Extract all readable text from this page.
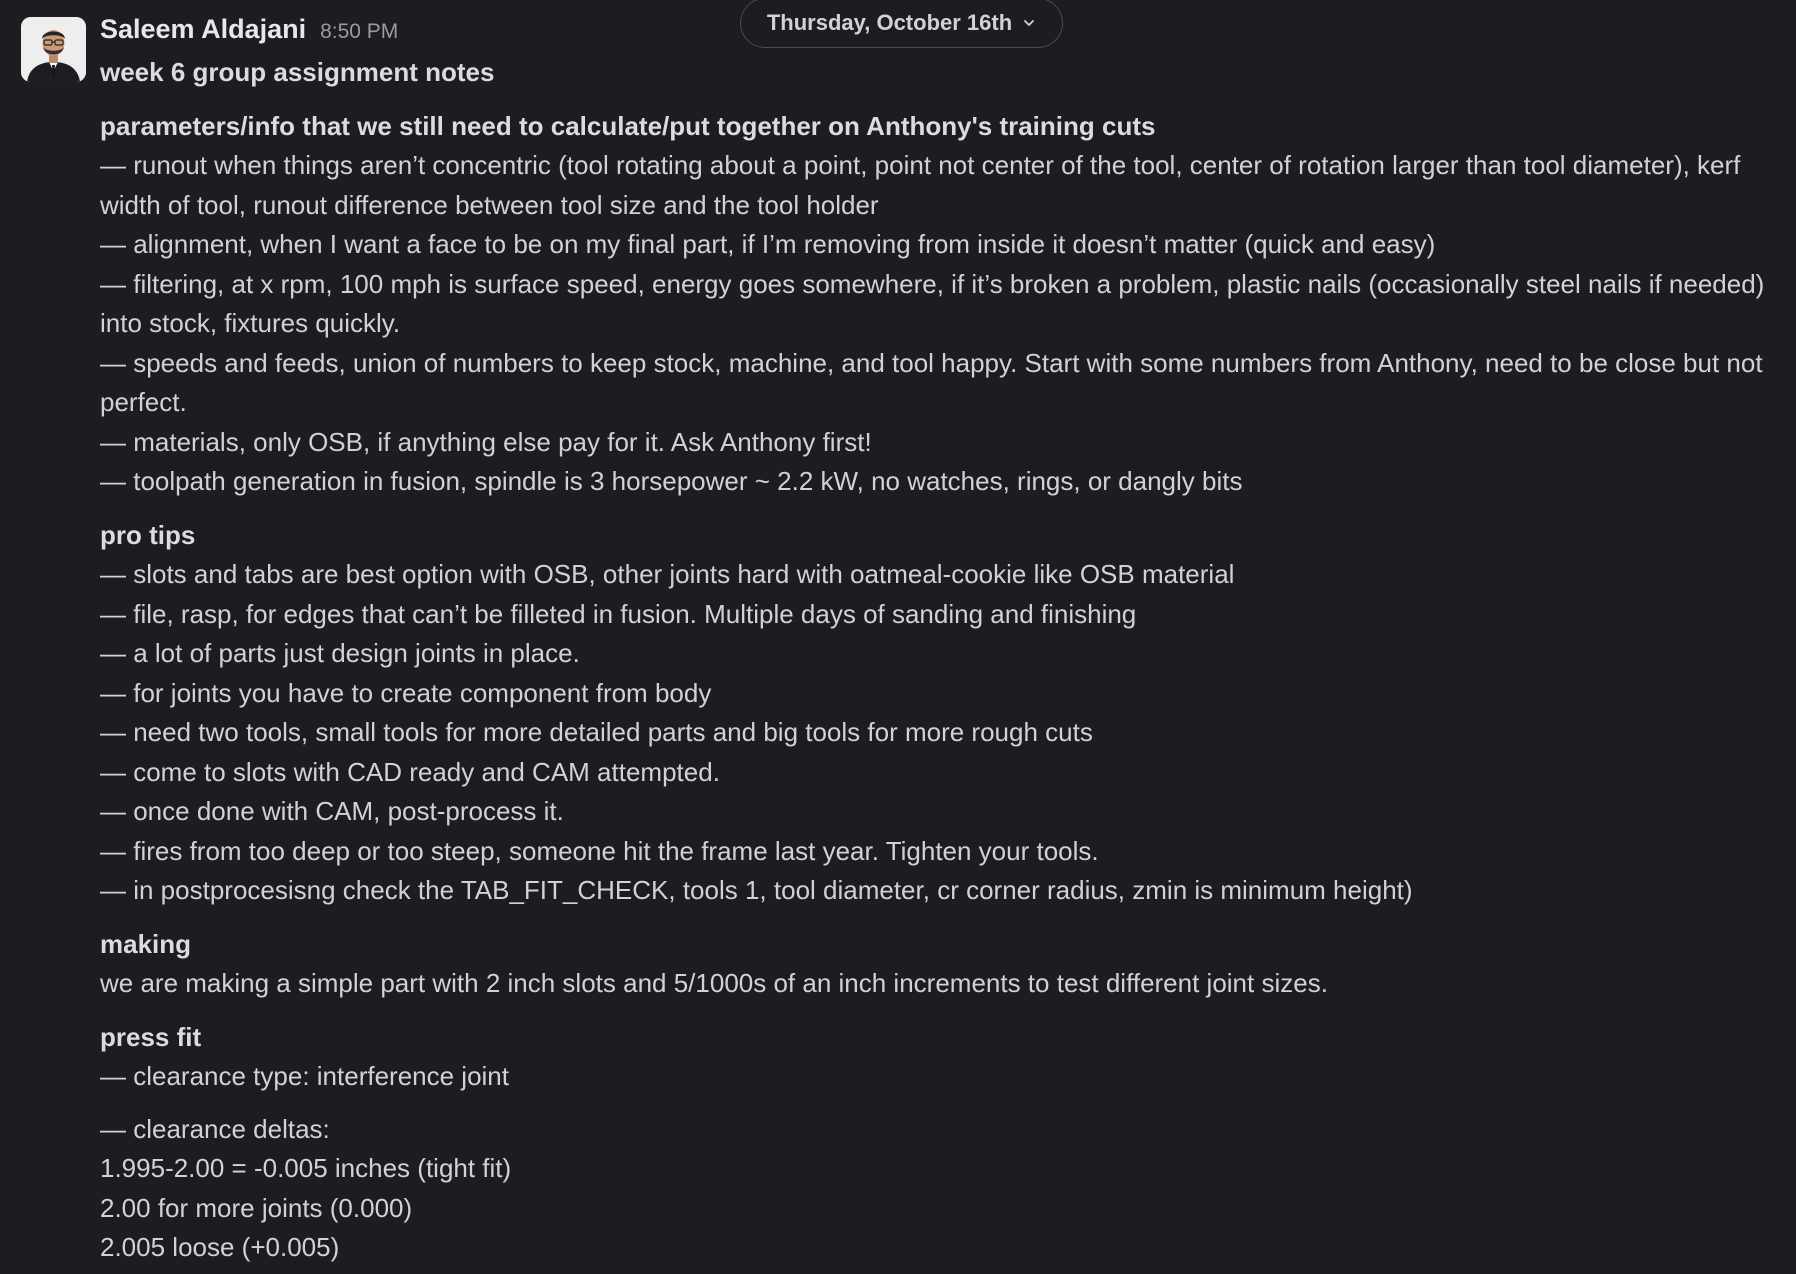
Saleem Aldajani 8:50 PM
week 6 group assignment notes
parameters/info that we still need to calculate/put together on Anthony's training cuts
— runout when things aren’t concentric (tool rotating about a point, point not center of the tool, center of rotation larger than tool diameter), kerf width of tool, runout difference between tool size and the tool holder
— alignment, when I want a face to be on my final part, if I’m removing from inside it doesn’t matter (quick and easy)
— filtering, at x rpm, 100 mph is surface speed, energy goes somewhere, if it’s broken a problem, plastic nails (occasionally steel nails if needed) into stock, fixtures quickly.
— speeds and feeds, union of numbers to keep stock, machine, and tool happy. Start with some numbers from Anthony, need to be close but not perfect.
— materials, only OSB, if anything else pay for it. Ask Anthony first!
— toolpath generation in fusion, spindle is 3 horsepower ~ 2.2 kW, no watches, rings, or dangly bits
pro tips
— slots and tabs are best option with OSB, other joints hard with oatmeal-cookie like OSB material
— file, rasp, for edges that can’t be filleted in fusion. Multiple days of sanding and finishing
— a lot of parts just design joints in place.
— for joints you have to create component from body
— need two tools, small tools for more detailed parts and big tools for more rough cuts
— come to slots with CAD ready and CAM attempted.
— once done with CAM, post-process it.
— fires from too deep or too steep, someone hit the frame last year. Tighten your tools.
— in postprocesisng check the TAB_FIT_CHECK, tools 1, tool diameter, cr corner radius, zmin is minimum height)
making
we are making a simple part with 2 inch slots and 5/1000s of an inch increments to test different joint sizes.
press fit
— clearance type: interference joint
— clearance deltas:
1.995-2.00 = -0.005 inches (tight fit)
2.00 for more joints (0.000)
2.005 loose (+0.005)
Thursday, October 16th
